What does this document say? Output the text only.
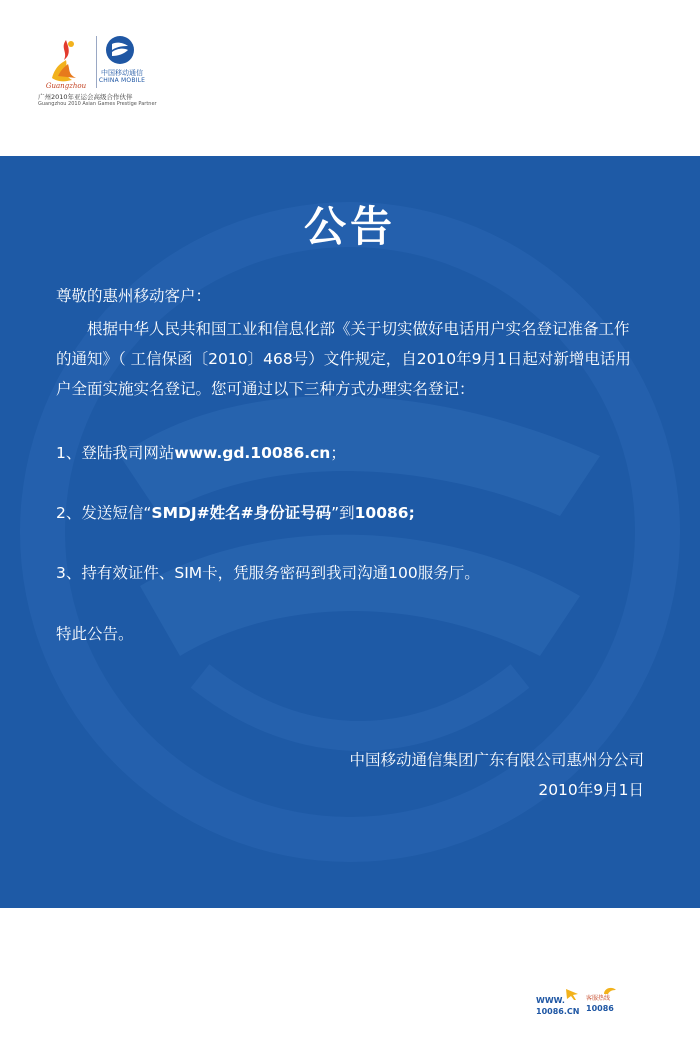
Guangzhou
中国移动通信
CHINA MOBILE
广州2010年亚运会高级合作伙伴
Guangzhou 2010 Asian Games Prestige Partner

公告
尊敬的惠州移动客户：
根据中华人民共和国工业和信息化部《关于切实做好电话用户实名登记准备工作的通知》（ 工信保函〔2010〕468号）文件规定，自2010年9月1日起对新增电话用户全面实施实名登记。您可通过以下三种方式办理实名登记：
1、登陆我司网站www.gd.10086.cn；
2、发送短信“SMDJ#姓名#身份证号码”到10086;
3、持有效证件、SIM卡，凭服务密码到我司沟通100服务厅。
特此公告。
中国移动通信集团广东有限公司惠州分公司
2010年9月1日
WWW.
10086.CN
客服热线
10086
